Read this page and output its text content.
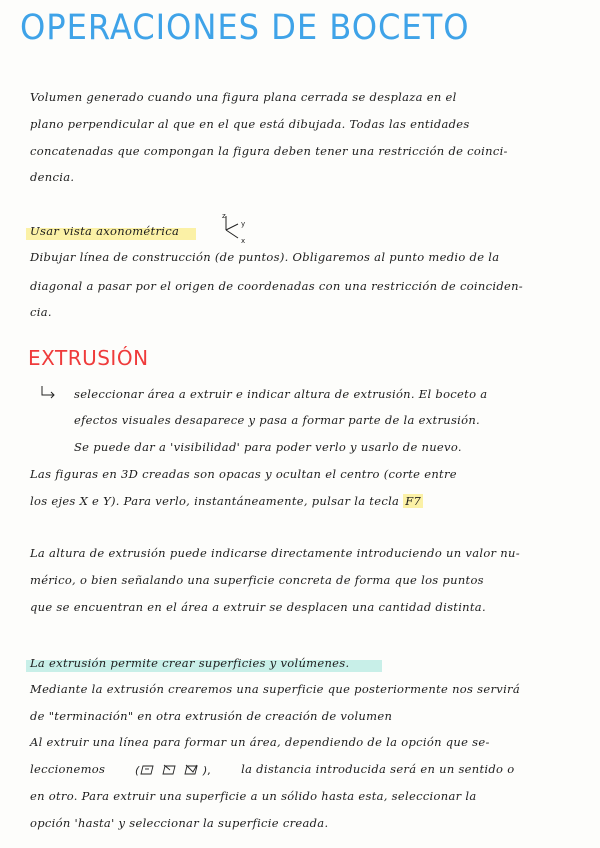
OPERACIONES DE BOCETO
Volumen generado cuando una figura plana cerrada se desplaza en el
plano perpendicular al que en el que está dibujada. Todas las entidades
concatenadas que compongan la figura deben tener una restricción de coinci-
dencia.
Usar vista axonométrica
z
y
x
Dibujar línea de construcción (de puntos). Obligaremos al punto medio de la
diagonal a pasar por el origen de coordenadas con una restricción de coinciden-
cia.
EXTRUSIÓN
seleccionar área a extruir e indicar altura de extrusión. El boceto a
efectos visuales desaparece y pasa a formar parte de la extrusión.
Se puede dar a 'visibilidad' para poder verlo y usarlo de nuevo.
Las figuras en 3D creadas son opacas y ocultan el centro (corte entre
los ejes X e Y). Para verlo, instantáneamente, pulsar la tecla F7
La altura de extrusión puede indicarse directamente introduciendo un valor nu-
mérico, o bien señalando una superficie concreta de forma que los puntos
que se encuentran en el área a extruir se desplacen una cantidad distinta.
La extrusión permite crear superficies y volúmenes.
Mediante la extrusión crearemos una superficie que posteriormente nos servirá
de "terminación" en otra extrusión de creación de volumen
Al extruir una línea para formar un área, dependiendo de la opción que se-
leccionemos	(	),	la distancia introducida será en un sentido o
en otro. Para extruir una superficie a un sólido hasta esta, seleccionar la
opción 'hasta' y seleccionar la superficie creada.
